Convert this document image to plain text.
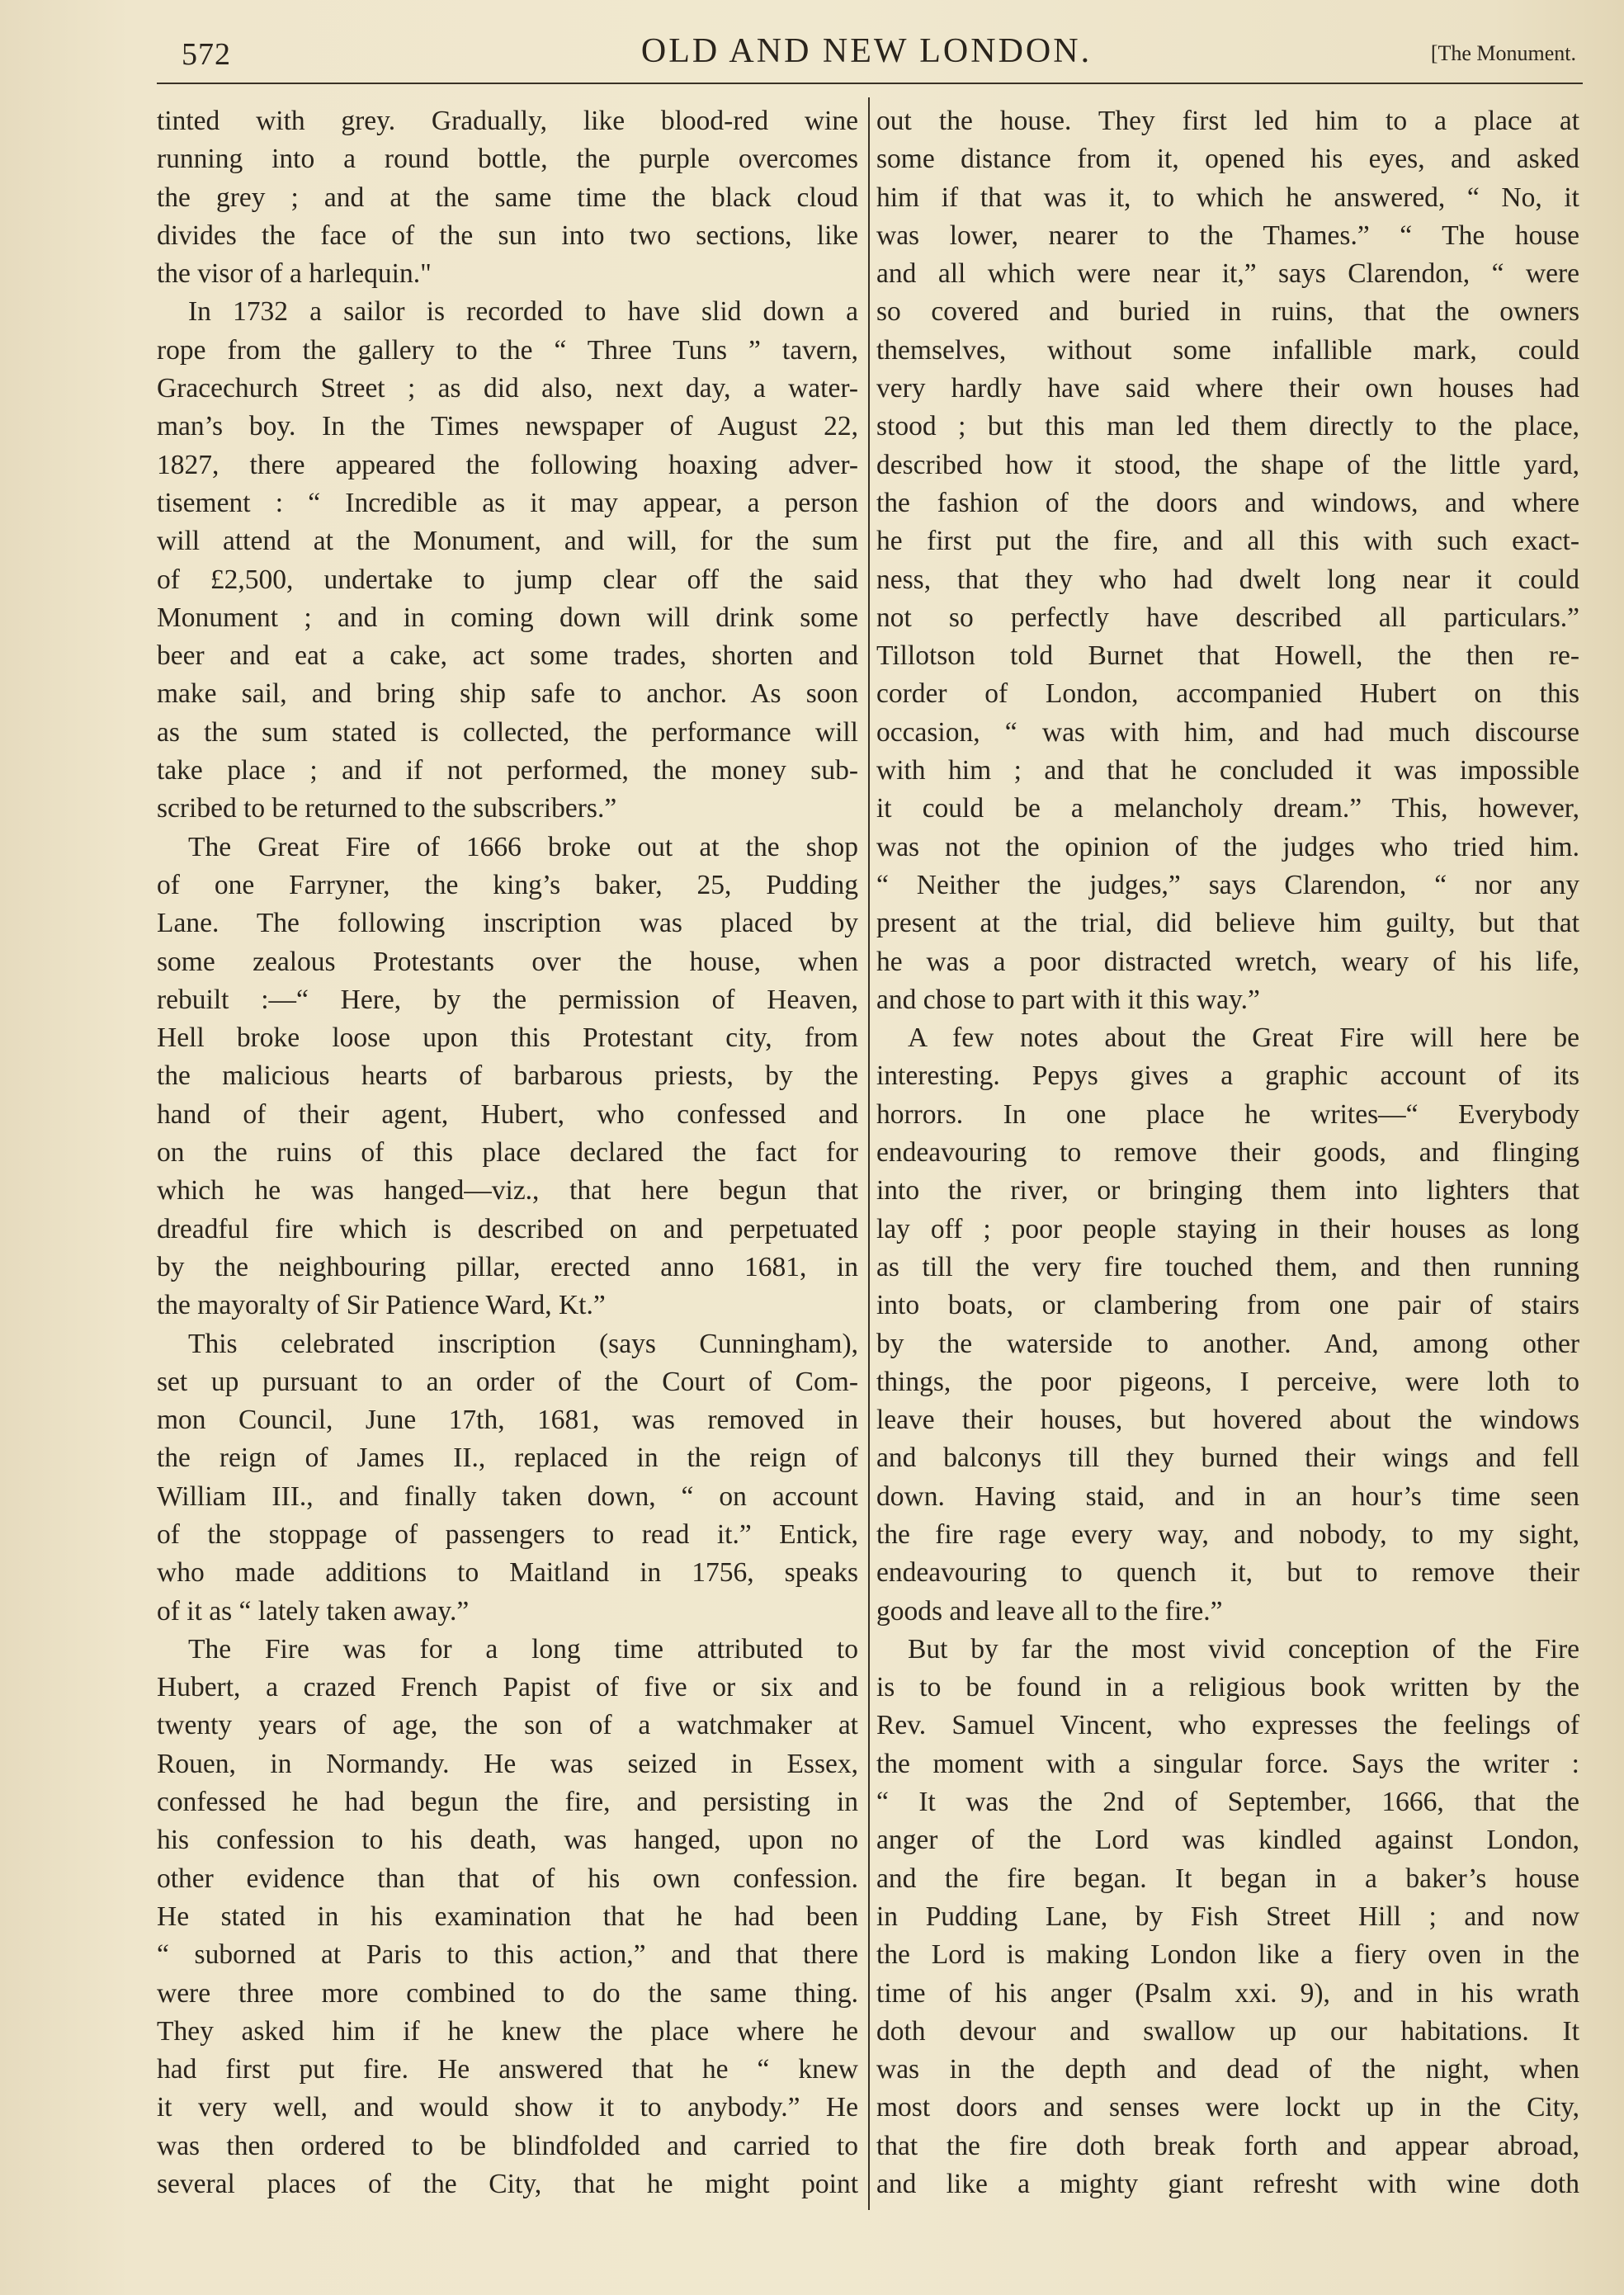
572	OLD AND NEW LONDON.	[The Monument.
tinted with grey. Gradually, like blood-red wine
running into a round bottle, the purple overcomes
the grey ; and at the same time the black cloud
divides the face of the sun into two sections, like
the visor of a harlequin."
In 1732 a sailor is recorded to have slid down a
rope from the gallery to the “ Three Tuns ” tavern,
Gracechurch Street ; as did also, next day, a water-
man’s boy. In the Times newspaper of August 22,
1827, there appeared the following hoaxing adver-
tisement : “ Incredible as it may appear, a person
will attend at the Monument, and will, for the sum
of £2,500, undertake to jump clear off the said
Monument ; and in coming down will drink some
beer and eat a cake, act some trades, shorten and
make sail, and bring ship safe to anchor. As soon
as the sum stated is collected, the performance will
take place ; and if not performed, the money sub-
scribed to be returned to the subscribers.”
The Great Fire of 1666 broke out at the shop
of one Farryner, the king’s baker, 25, Pudding
Lane. The following inscription was placed by
some zealous Protestants over the house, when
rebuilt :—“ Here, by the permission of Heaven,
Hell broke loose upon this Protestant city, from
the malicious hearts of barbarous priests, by the
hand of their agent, Hubert, who confessed and
on the ruins of this place declared the fact for
which he was hanged—viz., that here begun that
dreadful fire which is described on and perpetuated
by the neighbouring pillar, erected anno 1681, in
the mayoralty of Sir Patience Ward, Kt.”
This celebrated inscription (says Cunningham),
set up pursuant to an order of the Court of Com-
mon Council, June 17th, 1681, was removed in
the reign of James II., replaced in the reign of
William III., and finally taken down, “ on account
of the stoppage of passengers to read it.” Entick,
who made additions to Maitland in 1756, speaks
of it as “ lately taken away.”
The Fire was for a long time attributed to
Hubert, a crazed French Papist of five or six and
twenty years of age, the son of a watchmaker at
Rouen, in Normandy. He was seized in Essex,
confessed he had begun the fire, and persisting in
his confession to his death, was hanged, upon no
other evidence than that of his own confession.
He stated in his examination that he had been
“ suborned at Paris to this action,” and that there
were three more combined to do the same thing.
They asked him if he knew the place where he
had first put fire. He answered that he “ knew
it very well, and would show it to anybody.” He
was then ordered to be blindfolded and carried to
several places of the City, that he might point
out the house. They first led him to a place at
some distance from it, opened his eyes, and asked
him if that was it, to which he answered, “ No, it
was lower, nearer to the Thames.” “ The house
and all which were near it,” says Clarendon, “ were
so covered and buried in ruins, that the owners
themselves, without some infallible mark, could
very hardly have said where their own houses had
stood ; but this man led them directly to the place,
described how it stood, the shape of the little yard,
the fashion of the doors and windows, and where
he first put the fire, and all this with such exact-
ness, that they who had dwelt long near it could
not so perfectly have described all particulars.”
Tillotson told Burnet that Howell, the then re-
corder of London, accompanied Hubert on this
occasion, “ was with him, and had much discourse
with him ; and that he concluded it was impossible
it could be a melancholy dream.” This, however,
was not the opinion of the judges who tried him.
“ Neither the judges,” says Clarendon, “ nor any
present at the trial, did believe him guilty, but that
he was a poor distracted wretch, weary of his life,
and chose to part with it this way.”
A few notes about the Great Fire will here be
interesting. Pepys gives a graphic account of its
horrors. In one place he writes—“ Everybody
endeavouring to remove their goods, and flinging
into the river, or bringing them into lighters that
lay off ; poor people staying in their houses as long
as till the very fire touched them, and then running
into boats, or clambering from one pair of stairs
by the waterside to another. And, among other
things, the poor pigeons, I perceive, were loth to
leave their houses, but hovered about the windows
and balconys till they burned their wings and fell
down. Having staid, and in an hour’s time seen
the fire rage every way, and nobody, to my sight,
endeavouring to quench it, but to remove their
goods and leave all to the fire.”
But by far the most vivid conception of the Fire
is to be found in a religious book written by the
Rev. Samuel Vincent, who expresses the feelings of
the moment with a singular force. Says the writer :
“ It was the 2nd of September, 1666, that the
anger of the Lord was kindled against London,
and the fire began. It began in a baker’s house
in Pudding Lane, by Fish Street Hill ; and now
the Lord is making London like a fiery oven in the
time of his anger (Psalm xxi. 9), and in his wrath
doth devour and swallow up our habitations. It
was in the depth and dead of the night, when
most doors and senses were lockt up in the City,
that the fire doth break forth and appear abroad,
and like a mighty giant refresht with wine doth
